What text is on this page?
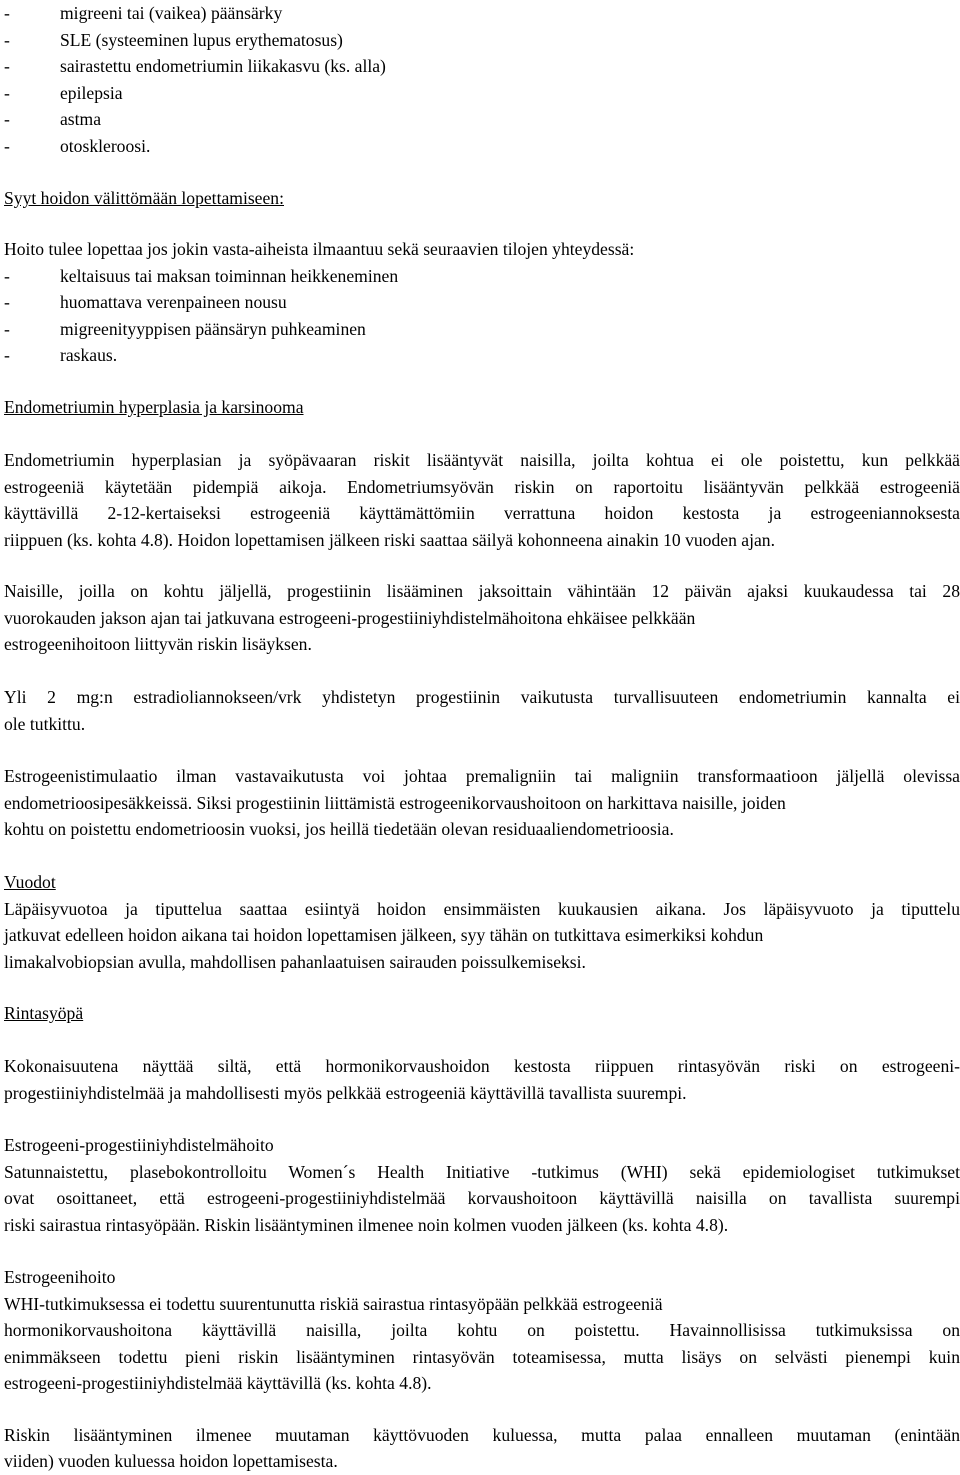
-	migreeni tai (vaikea) päänsärky
-	SLE (systeeminen lupus erythematosus)
-	sairastettu endometriumin liikakasvu (ks. alla)
-	epilepsia
-	astma
-	otoskleroosi.
Syyt hoidon välittömään lopettamiseen:
Hoito tulee lopettaa jos jokin vasta-aiheista ilmaantuu sekä seuraavien tilojen yhteydessä:
-	keltaisuus tai maksan toiminnan heikkeneminen
-	huomattava verenpaineen nousu
-	migreenityyppisen päänsäryn puhkeaminen
-	raskaus.
Endometriumin hyperplasia ja karsinooma
Endometriumin hyperplasian ja syöpävaaran riskit lisääntyvät naisilla, joilta kohtua ei ole poistettu, kun pelkkää
estrogeeniä käytetään pidempiä aikoja. Endometriumsyövän riskin on raportoitu lisääntyvän pelkkää estrogeeniä
käyttävillä 2-12-kertaiseksi estrogeeniä käyttämättömiin verrattuna hoidon kestosta ja estrogeeniannoksesta
riippuen (ks. kohta 4.8). Hoidon lopettamisen jälkeen riski saattaa säilyä kohonneena ainakin 10 vuoden ajan.
Naisille, joilla on kohtu jäljellä, progestiinin lisääminen jaksoittain vähintään 12 päivän ajaksi kuukaudessa tai 28
vuorokauden jakson ajan tai jatkuvana estrogeeni-progestiiniyhdistelmähoitona ehkäisee pelkkään
estrogeenihoitoon liittyvän riskin lisäyksen.
Yli 2 mg:n estradioliannokseen/vrk yhdistetyn progestiinin vaikutusta turvallisuuteen endometriumin kannalta ei
ole tutkittu.
Estrogeenistimulaatio ilman vastavaikutusta voi johtaa premaligniin tai maligniin transformaatioon jäljellä olevissa
endometrioosipesäkkeissä. Siksi progestiinin liittämistä estrogeenikorvaushoitoon on harkittava naisille, joiden
kohtu on poistettu endometrioosin vuoksi, jos heillä tiedetään olevan residuaaliendometrioosia.
Vuodot
Läpäisyvuotoa ja tiputtelua saattaa esiintyä hoidon ensimmäisten kuukausien aikana. Jos läpäisyvuoto ja tiputtelu
jatkuvat edelleen hoidon aikana tai hoidon lopettamisen jälkeen, syy tähän on tutkittava esimerkiksi kohdun
limakalvobiopsian avulla, mahdollisen pahanlaatuisen sairauden poissulkemiseksi.
Rintasyöpä
Kokonaisuutena näyttää siltä, että hormonikorvaushoidon kestosta riippuen rintasyövän riski on estrogeeni-
progestiiniyhdistelmää ja mahdollisesti myös pelkkää estrogeeniä käyttävillä tavallista suurempi.
Estrogeeni-progestiiniyhdistelmähoito
Satunnaistettu, plasebokontrolloitu Women´s Health Initiative -tutkimus (WHI) sekä epidemiologiset tutkimukset
ovat osoittaneet, että estrogeeni-progestiiniyhdistelmää korvaushoitoon käyttävillä naisilla on tavallista suurempi
riski sairastua rintasyöpään. Riskin lisääntyminen ilmenee noin kolmen vuoden jälkeen (ks. kohta 4.8).
Estrogeenihoito
WHI-tutkimuksessa ei todettu suurentunutta riskiä sairastua rintasyöpään pelkkää estrogeeniä
hormonikorvaushoitona käyttävillä naisilla, joilta kohtu on poistettu. Havainnollisissa tutkimuksissa on
enimmäkseen todettu pieni riskin lisääntyminen rintasyövän toteamisessa, mutta lisäys on selvästi pienempi kuin
estrogeeni-progestiiniyhdistelmää käyttävillä (ks. kohta 4.8).
Riskin lisääntyminen ilmenee muutaman käyttövuoden kuluessa, mutta palaa ennalleen muutaman (enintään
viiden) vuoden kuluessa hoidon lopettamisesta.
